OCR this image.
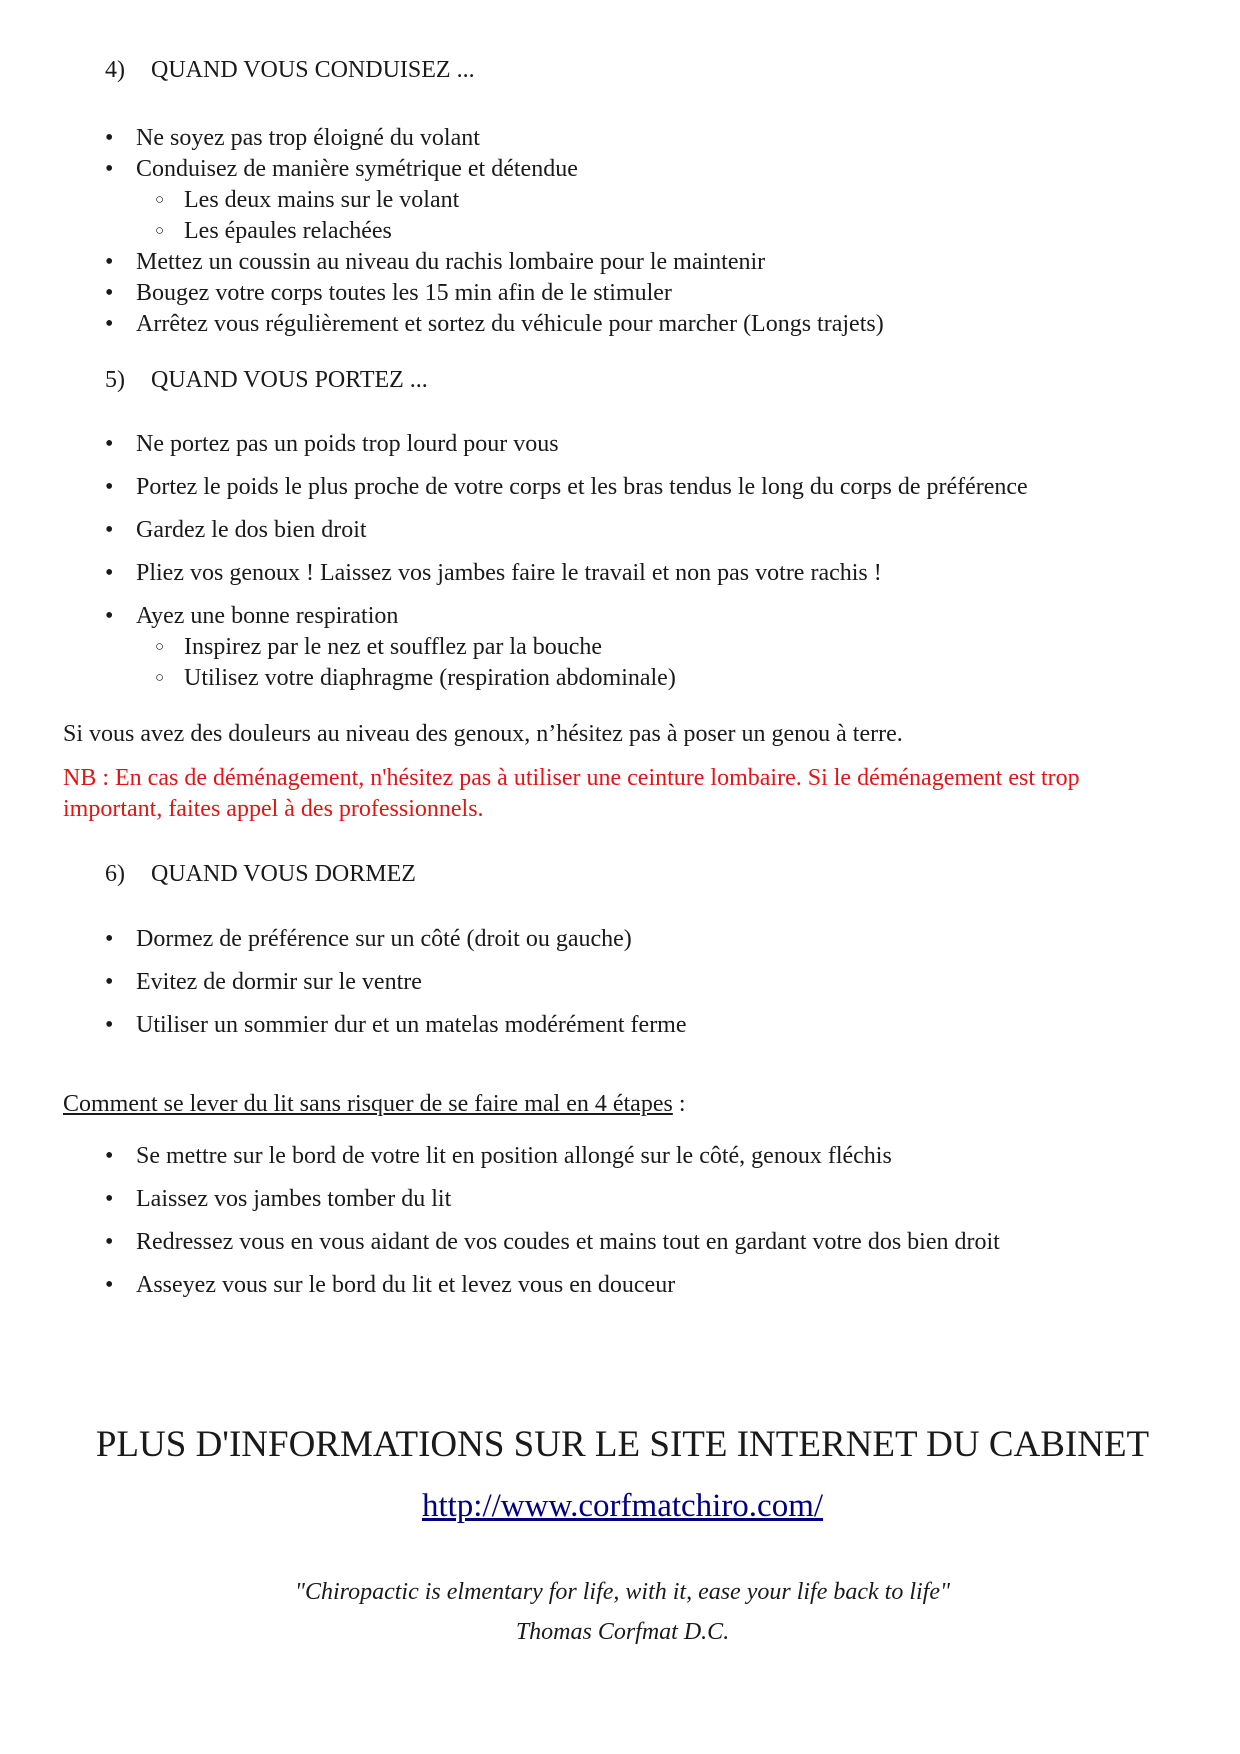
4)	QUAND VOUS CONDUISEZ ...
• Ne soyez pas trop éloigné du volant
• Conduisez de manière symétrique et détendue
○ Les deux mains sur le volant
○ Les épaules relachées
• Mettez un coussin au niveau du rachis lombaire pour le maintenir
• Bougez votre corps toutes les 15 min afin de le stimuler
• Arrêtez vous régulièrement et sortez du véhicule pour marcher (Longs trajets)
5)	QUAND VOUS PORTEZ ...
• Ne portez pas un poids trop lourd pour vous
• Portez le poids le plus proche de votre corps et les bras tendus le long du corps de préférence
• Gardez le dos bien droit
• Pliez vos genoux ! Laissez vos jambes faire le travail et non pas votre rachis !
• Ayez une bonne respiration
○ Inspirez par le nez et soufflez par la bouche
○ Utilisez votre diaphragme (respiration abdominale)
Si vous avez des douleurs au niveau des genoux, n’hésitez pas à poser un genou à terre.
NB : En cas de déménagement, n'hésitez pas à utiliser une ceinture lombaire. Si le déménagement est trop important, faites appel à des professionnels.
6)	QUAND VOUS DORMEZ
• Dormez de préférence sur un côté (droit ou gauche)
• Evitez de dormir sur le ventre
• Utiliser un sommier dur et un matelas modérément ferme
Comment se lever du lit sans risquer de se faire mal en 4 étapes :
• Se mettre sur le bord de votre lit en position allongé sur le côté, genoux fléchis
• Laissez vos jambes tomber du lit
• Redressez vous en vous aidant de vos coudes et mains tout en gardant votre dos bien droit
• Asseyez vous sur le bord du lit et levez vous en douceur
PLUS D'INFORMATIONS SUR LE SITE INTERNET DU CABINET
http://www.corfmatchiro.com/
"Chiropactic is elmentary for life, with it, ease your life back to life"
Thomas Corfmat D.C.
